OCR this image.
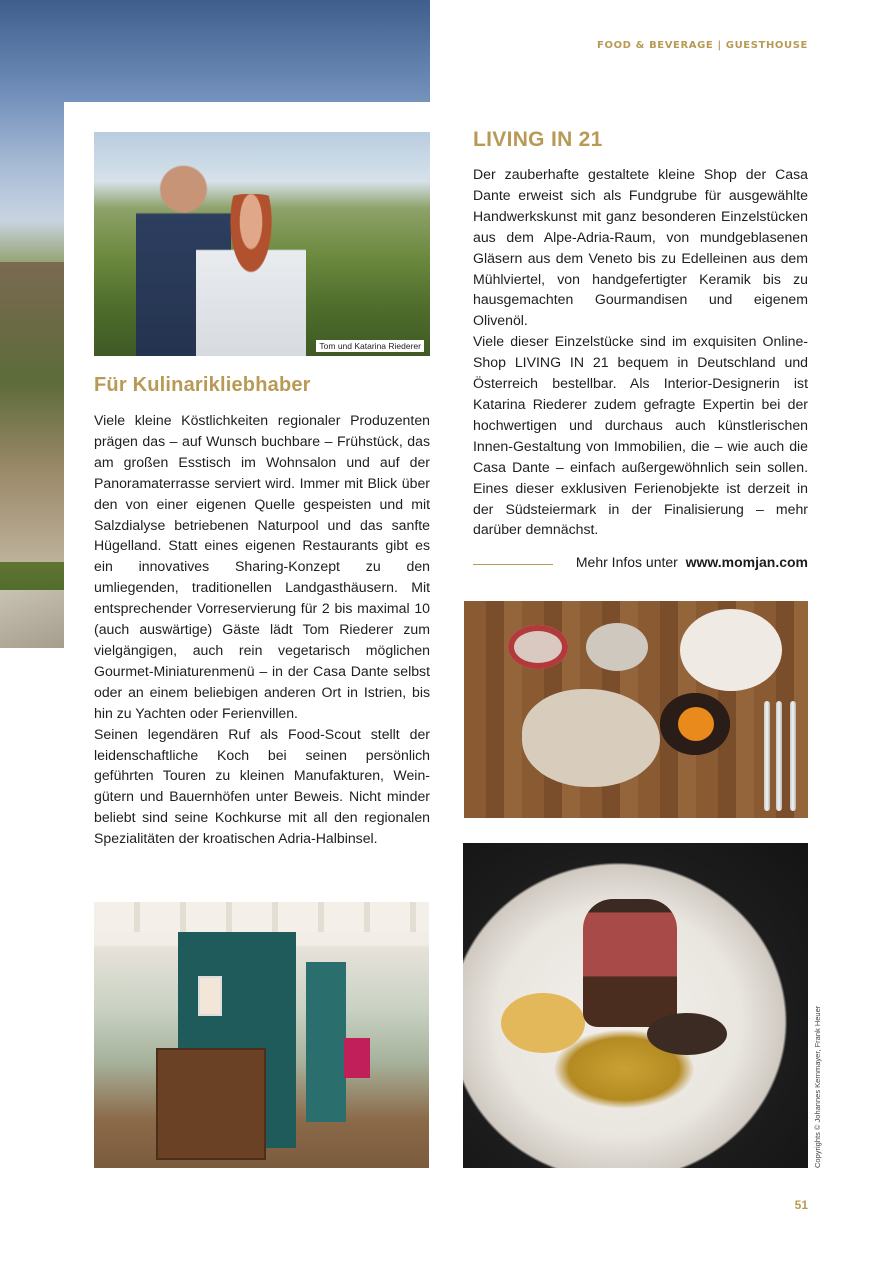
FOOD & BEVERAGE | GUESTHOUSE
Tom und Katarina Riederer
Für Kulinarikliebhaber

Viele kleine Köstlichkeiten regionaler Produzenten prägen das – auf Wunsch buchbare – Frühstück, das am großen Esstisch im Wohnsalon und auf der Panoramaterrasse serviert wird. Immer mit Blick über den von einer eigenen Quelle gespeisten und mit Salzdialyse betriebenen Naturpool und das sanfte Hügelland. Statt eines eigenen Restaurants gibt es ein innovatives Sharing-Konzept zu den umliegenden, traditionellen Landgasthäusern. Mit entsprechender Vorreservierung für 2 bis maximal 10 (auch auswärtige) Gäste lädt Tom Riederer zum vielgängigen, auch rein vegetarisch möglichen Gourmet-Miniaturenmenü – in der Casa Dante selbst oder an einem beliebigen anderen Ort in Istrien, bis hin zu Yachten oder Ferienvillen.

Seinen legendären Ruf als Food-Scout stellt der leidenschaftliche Koch bei seinen persönlich geführten Touren zu kleinen Manufakturen, Weingütern und Bauernhöfen unter Beweis. Nicht minder beliebt sind seine Kochkurse mit all den regionalen Spezialitäten der kroatischen Adria-Halbinsel.

LIVING IN 21

Der zauberhafte gestaltete kleine Shop der Casa Dante erweist sich als Fundgrube für ausgewählte Handwerkskunst mit ganz besonderen Einzelstücken aus dem Alpe-Adria-Raum, von mundgeblasenen Gläsern aus dem Veneto bis zu Edelleinen aus dem Mühlviertel, von handgefertigter Keramik bis zu hausgemachten Gourmandisen und eigenem Olivenöl.

Viele dieser Einzelstücke sind im exquisiten Online-Shop LIVING IN 21 bequem in Deutschland und Österreich bestellbar. Als Interior-Designerin ist Katarina Riederer zudem gefragte Expertin bei der hochwertigen und durchaus auch künstlerischen Innen-Gestaltung von Immobilien, die – wie auch die Casa Dante – einfach außergewöhnlich sein sollen. Eines dieser exklusiven Ferienobjekte ist derzeit in der Südsteiermark in der Finalisierung – mehr darüber demnächst.

Mehr Infos unter www.momjan.com
Copyrights © Johannes Kernmayer, Frank Heuer
51
